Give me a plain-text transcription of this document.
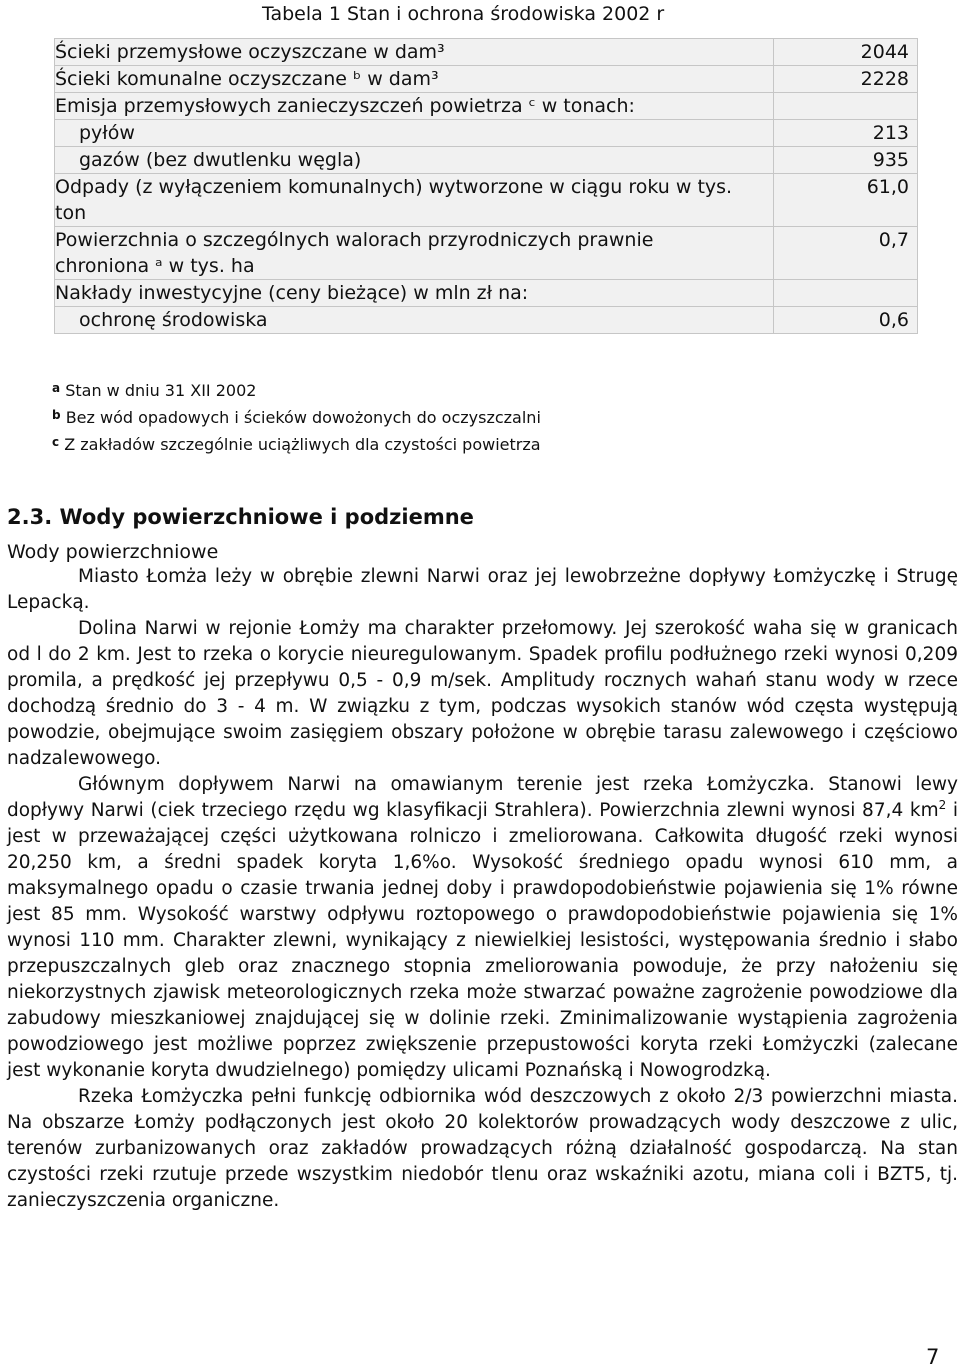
Tabela 1 Stan i ochrona środowiska 2002 r
Ścieki przemysłowe oczyszczane w dam³	2044
Ścieki komunalne oczyszczane ᵇ w dam³	2228
Emisja przemysłowych zanieczyszczeń powietrza ᶜ w tonach:	
pyłów	213
gazów (bez dwutlenku węgla)	935
Odpady (z wyłączeniem komunalnych) wytworzone w ciągu roku w tys. ton	61,0
Powierzchnia o szczególnych walorach przyrodniczych prawnie chroniona ᵃ w tys. ha	0,7
Nakłady inwestycyjne (ceny bieżące) w mln zł na:	
ochronę środowiska	0,6
$^a$ Stan w dniu 31 XII 2002
$^b$ Bez wód opadowych i ścieków dowożonych do oczyszczalni
$^c$ Z zakładów szczególnie uciążliwych dla czystości powietrza
2.3. Wody powierzchniowe i podziemne
Wody powierzchniowe

Miasto Łomża leży w obrębie zlewni Narwi oraz jej lewobrzeżne dopływy Łomżyczkę i Strugę Lepacką.

Dolina Narwi w rejonie Łomży ma charakter przełomowy. Jej szerokość waha się w granicach od l do 2 km. Jest to rzeka o korycie nieuregulowanym. Spadek profilu podłużnego rzeki wynosi 0,209 promila, a prędkość jej przepływu 0,5 - 0,9 m/sek. Amplitudy rocznych wahań stanu wody w rzece dochodzą średnio do 3 - 4 m. W związku z tym, podczas wysokich stanów wód częsta występują powodzie, obejmujące swoim zasięgiem obszary położone w obrębie tarasu zalewowego i częściowo nadzalewowego.

Głównym dopływem Narwi na omawianym terenie jest rzeka Łomżyczka. Stanowi lewy dopływy Narwi (ciek trzeciego rzędu wg klasyfikacji Strahlera). Powierzchnia zlewni wynosi 87,4 $km^2$ i jest w przeważającej części użytkowana rolniczo i zmeliorowana. Całkowita długość rzeki wynosi 20,250 km, a średni spadek koryta 1,6%o. Wysokość średniego opadu wynosi 610 mm, a maksymalnego opadu o czasie trwania jednej doby i prawdopodobieństwie pojawienia się 1% równe jest 85 mm. Wysokość warstwy odpływu roztopowego o prawdopodobieństwie pojawienia się 1% wynosi 110 mm. Charakter zlewni, wynikający z niewielkiej lesistości, występowania średnio i słabo przepuszczalnych gleb oraz znacznego stopnia zmeliorowania powoduje, że przy nałożeniu się niekorzystnych zjawisk meteorologicznych rzeka może stwarzać poważne zagrożenie powodziowe dla zabudowy mieszkaniowej znajdującej się w dolinie rzeki. Zminimalizowanie wystąpienia zagrożenia powodziowego jest możliwe poprzez zwiększenie przepustowości koryta rzeki Łomżyczki (zalecane jest wykonanie koryta dwudzielnego) pomiędzy ulicami Poznańską i Nowogrodzką.

Rzeka Łomżyczka pełni funkcję odbiornika wód deszczowych z około 2/3 powierzchni miasta. Na obszarze Łomży podłączonych jest około 20 kolektorów prowadzących wody deszczowe z ulic, terenów zurbanizowanych oraz zakładów prowadzących różną działalność gospodarczą. Na stan czystości rzeki rzutuje przede wszystkim niedobór tlenu oraz wskaźniki azotu, miana coli i BZT5, tj. zanieczyszczenia organiczne.

7
